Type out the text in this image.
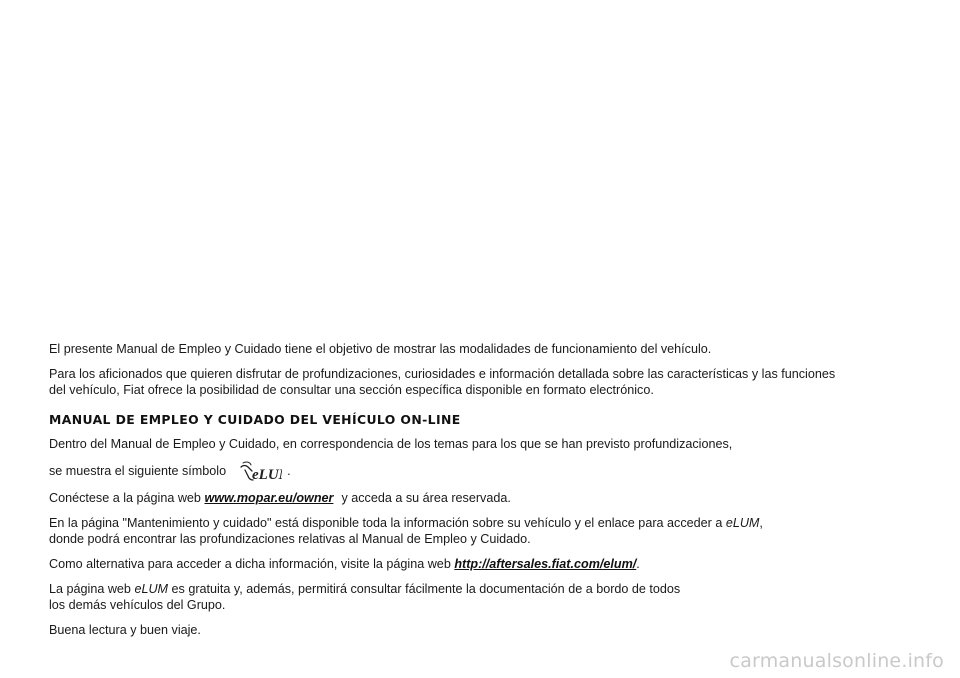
El presente Manual de Empleo y Cuidado tiene el objetivo de mostrar las modalidades de funcionamiento del vehículo.

Para los aficionados que quieren disfrutar de profundizaciones, curiosidades e información detallada sobre las características y las funciones
del vehículo, Fiat ofrece la posibilidad de consultar una sección específica disponible en formato electrónico.

MANUAL DE EMPLEO Y CUIDADO DEL VEHÍCULO ON-LINE

Dentro del Manual de Empleo y Cuidado, en correspondencia de los temas para los que se han previsto profundizaciones,

se muestra el siguiente símbolo eLU .

Conéctese a la página web www.mopar.eu/owner y acceda a su área reservada.

En la página "Mantenimiento y cuidado" está disponible toda la información sobre su vehículo y el enlace para acceder a eLUM,
donde podrá encontrar las profundizaciones relativas al Manual de Empleo y Cuidado.

Como alternativa para acceder a dicha información, visite la página web http://aftersales.fiat.com/elum/.

La página web eLUM es gratuita y, además, permitirá consultar fácilmente la documentación de a bordo de todos
los demás vehículos del Grupo.

Buena lectura y buen viaje.

carmanualsonline.info
